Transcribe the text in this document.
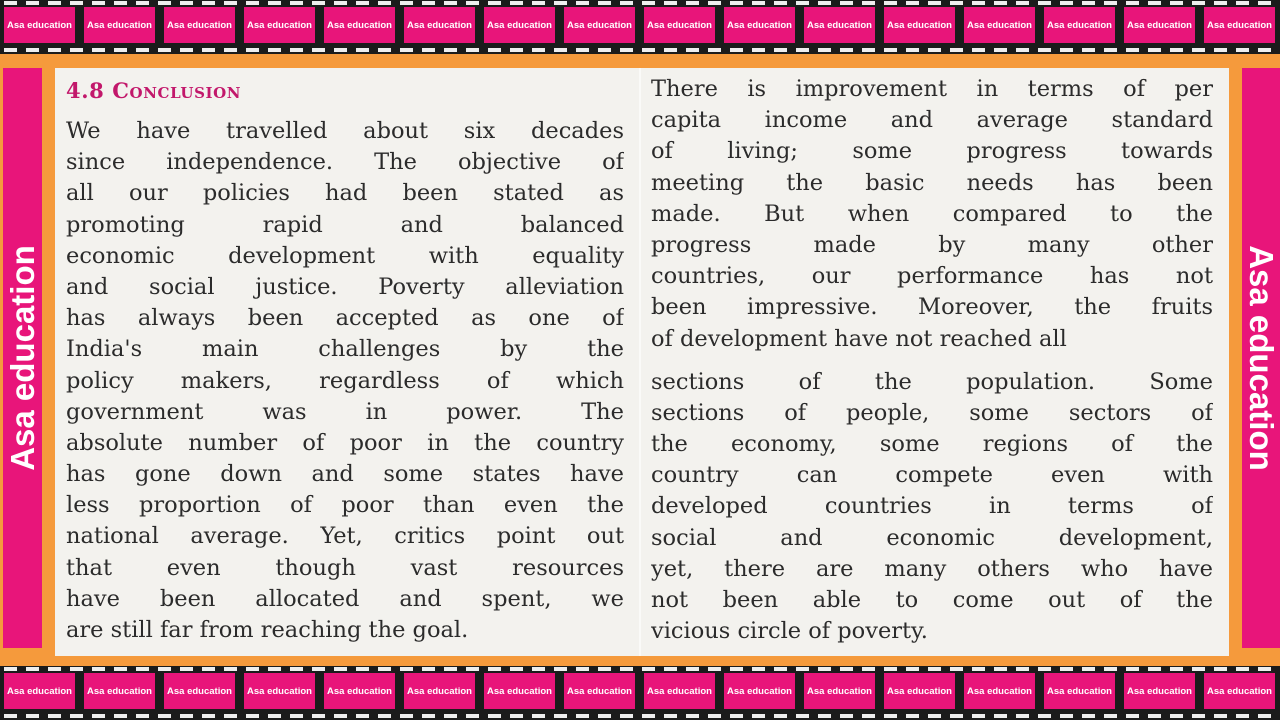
Asa education	Asa education	Asa education	Asa education	Asa education	Asa education	Asa education	Asa education	Asa education	Asa education	Asa education	Asa education	Asa education	Asa education	Asa education	Asa education
Asa education	Asa education
4.8 Conclusion
We have travelled about six decades
since independence. The objective of
all our policies had been stated as
promoting rapid and balanced
economic development with equality
and social justice. Poverty alleviation
has always been accepted as one of
India's main challenges by the
policy makers, regardless of which
government was in power. The
absolute number of poor in the country
has gone down and some states have
less proportion of poor than even the
national average. Yet, critics point out
that even though vast resources
have been allocated and spent, we
are still far from reaching the goal.
There is improvement in terms of per
capita income and average standard
of living; some progress towards
meeting the basic needs has been
made. But when compared to the
progress made by many other
countries, our performance has not
been impressive. Moreover, the fruits
of development have not reached all
sections of the population. Some
sections of people, some sectors of
the economy, some regions of the
country can compete even with
developed countries in terms of
social and economic development,
yet, there are many others who have
not been able to come out of the
vicious circle of poverty.
Asa education	Asa education	Asa education	Asa education	Asa education	Asa education	Asa education	Asa education	Asa education	Asa education	Asa education	Asa education	Asa education	Asa education	Asa education	Asa education
